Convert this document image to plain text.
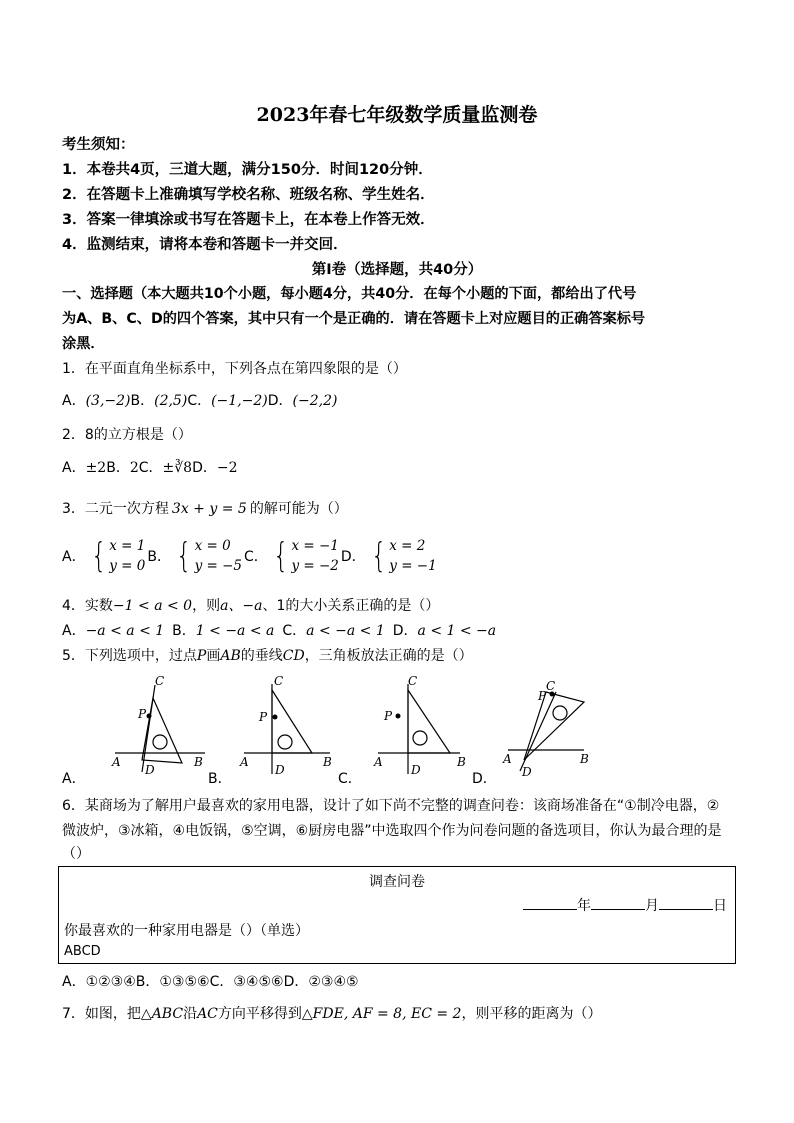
2023年春七年级数学质量监测卷
考生须知：
1．本卷共4页，三道大题，满分150分．时间120分钟．
2．在答题卡上准确填写学校名称、班级名称、学生姓名．
3．答案一律填涂或书写在答题卡上，在本卷上作答无效．
4．监测结束，请将本卷和答题卡一并交回．
第Ⅰ卷（选择题，共40分）
一、选择题（本大题共10个小题，每小题4分，共40分．在每个小题的下面，都给出了代号
为A、B、C、D的四个答案，其中只有一个是正确的．请在答题卡上对应题目的正确答案标号
涂黑．
1．在平面直角坐标系中，下列各点在第四象限的是（）
A．(3,−2)B．(2,5)C．(−1,−2)D．(−2,2)
2．8的立方根是（）
A．±2B．2C．±∛8D．−2
3．二元一次方程 3x + y = 5 的解可能为（）
A． { x = 1
y = 0
B． { x = 0
y = −5
C． { x = −1
y = −2
D． { x = 2
y = −1
4．实数−1 < a < 0，则a、−a、1的大小关系正确的是（）
A．−a < a < 1 B．1 < −a < a C．a < −a < 1 D．a < 1 < −a
5．下列选项中，过点P画AB的垂线CD，三角板放法正确的是（）
A．	B．	C．	D．
C
P
A	B
D
C
P
A	B
D
C
P
A	B
D
C
P
A	B
D
6．某商场为了解用户最喜欢的家用电器，设计了如下尚不完整的调查问卷：该商场准备在“①制冷电器，②
微波炉，③冰箱，④电饭锅，⑤空调，⑥厨房电器”中选取四个作为问卷问题的备选项目，你认为最合理的是
（）
调查问卷
年	月	日
你最喜欢的一种家用电器是（）（单选）
ABCD
A．①②③④B．①③⑤⑥C．③④⑤⑥D．②③④⑤
7．如图，把△ABC沿AC方向平移得到△FDE, AF = 8, EC = 2，则平移的距离为（）
